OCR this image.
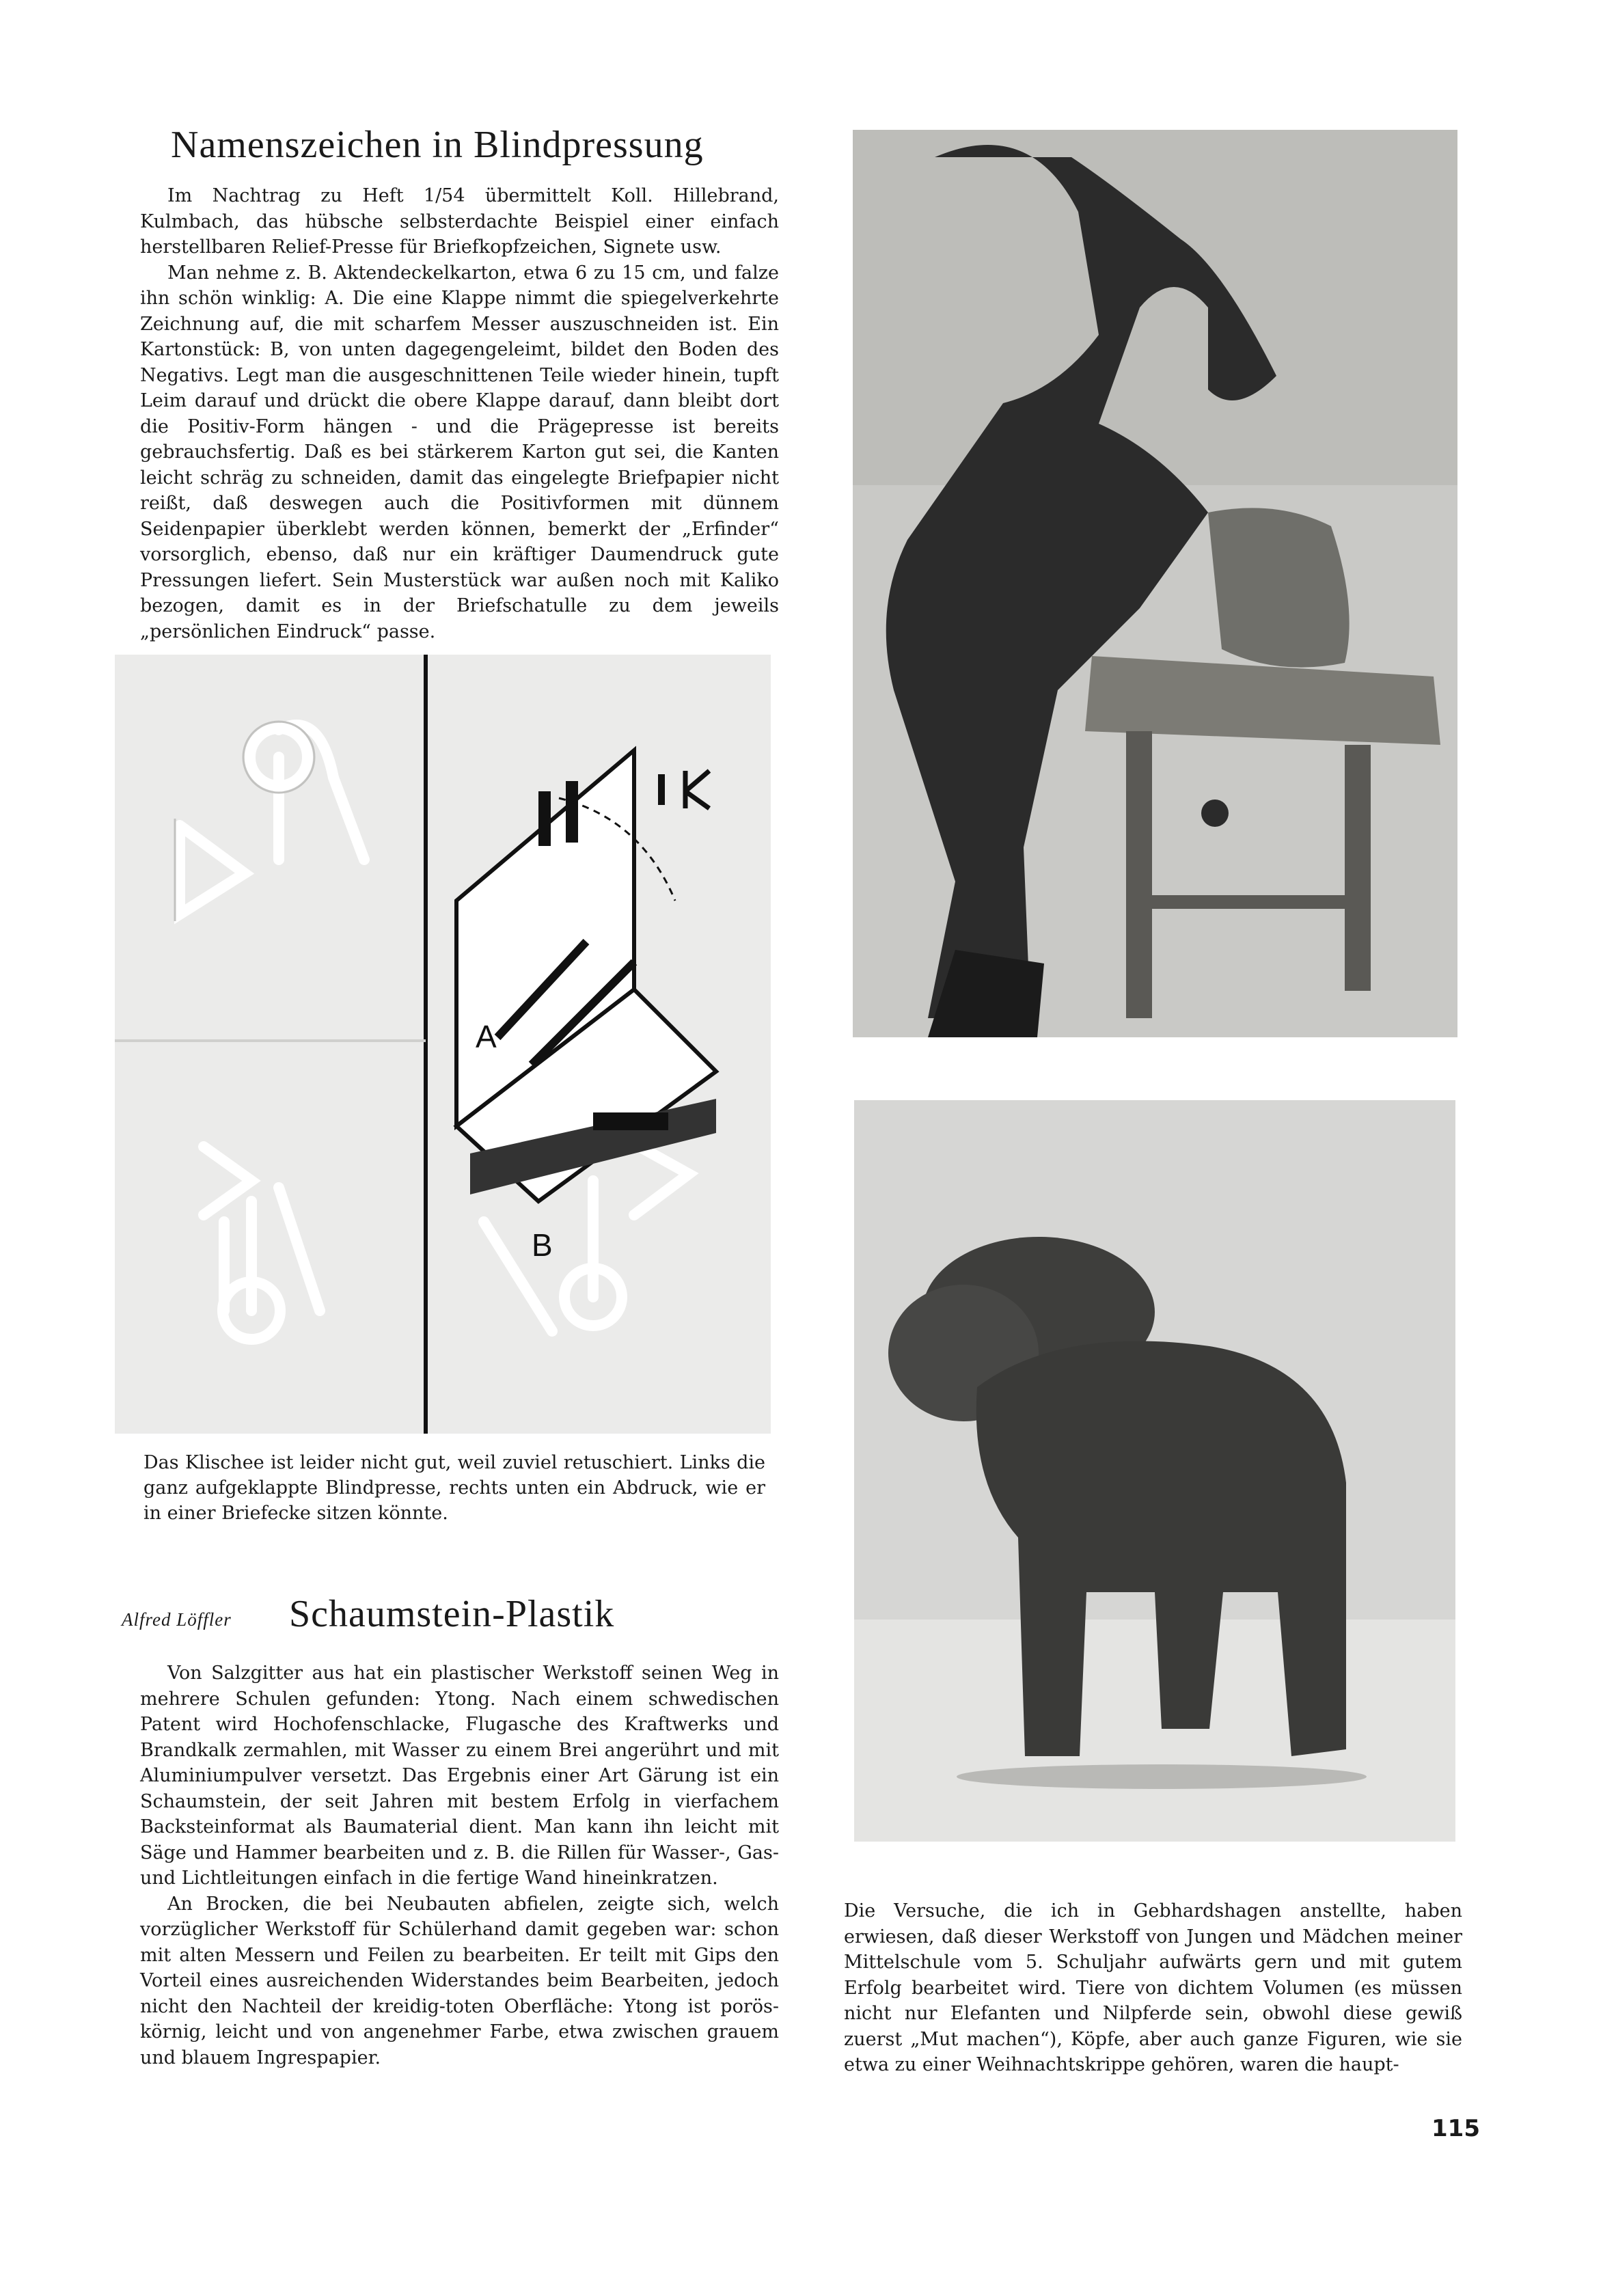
Namenszeichen in Blindpressung

Im Nachtrag zu Heft 1/54 übermittelt Koll. Hillebrand, Kulmbach, das hübsche selbsterdachte Beispiel einer einfach herstellbaren Relief-Presse für Briefkopfzeichen, Signete usw.

Man nehme z. B. Aktendeckelkarton, etwa 6 zu 15 cm, und falze ihn schön winklig: A. Die eine Klappe nimmt die spiegelverkehrte Zeichnung auf, die mit scharfem Messer auszuschneiden ist. Ein Kartonstück: B, von unten dagegengeleimt, bildet den Boden des Negativs. Legt man die ausgeschnittenen Teile wieder hinein, tupft Leim darauf und drückt die obere Klappe darauf, dann bleibt dort die Positiv-Form hängen - und die Prägepresse ist bereits gebrauchsfertig. Daß es bei stärkerem Karton gut sei, die Kanten leicht schräg zu schneiden, damit das eingelegte Briefpapier nicht reißt, daß deswegen auch die Positivformen mit dünnem Seidenpapier überklebt werden können, bemerkt der „Erfinder“ vorsorglich, ebenso, daß nur ein kräftiger Daumendruck gute Pressungen liefert. Sein Musterstück war außen noch mit Kaliko bezogen, damit es in der Briefschatulle zu dem jeweils „persönlichen Eindruck“ passe.

A
B
Das Klischee ist leider nicht gut, weil zuviel retuschiert. Links die ganz aufgeklappte Blindpresse, rechts unten ein Abdruck, wie er in einer Briefecke sitzen könnte.
Alfred Löffler Schaumstein-Plastik

Von Salzgitter aus hat ein plastischer Werkstoff seinen Weg in mehrere Schulen gefunden: Ytong. Nach einem schwedischen Patent wird Hochofenschlacke, Flugasche des Kraftwerks und Brandkalk zermahlen, mit Wasser zu einem Brei angerührt und mit Aluminiumpulver versetzt. Das Ergebnis einer Art Gärung ist ein Schaumstein, der seit Jahren mit bestem Erfolg in vierfachem Backsteinformat als Baumaterial dient. Man kann ihn leicht mit Säge und Hammer bearbeiten und z. B. die Rillen für Wasser-, Gas- und Lichtleitungen einfach in die fertige Wand hineinkratzen.

An Brocken, die bei Neubauten abfielen, zeigte sich, welch vorzüglicher Werkstoff für Schülerhand damit gegeben war: schon mit alten Messern und Feilen zu bearbeiten. Er teilt mit Gips den Vorteil eines ausreichenden Widerstandes beim Bearbeiten, jedoch nicht den Nachteil der kreidig-toten Oberfläche: Ytong ist porös-körnig, leicht und von angenehmer Farbe, etwa zwischen grauem und blauem Ingrespapier.

Die Versuche, die ich in Gebhardshagen anstellte, haben erwiesen, daß dieser Werkstoff von Jungen und Mädchen meiner Mittelschule vom 5. Schuljahr aufwärts gern und mit gutem Erfolg bearbeitet wird. Tiere von dichtem Volumen (es müssen nicht nur Elefanten und Nilpferde sein, obwohl diese gewiß zuerst „Mut machen“), Köpfe, aber auch ganze Figuren, wie sie etwa zu einer Weihnachtskrippe gehören, waren die haupt-

115
